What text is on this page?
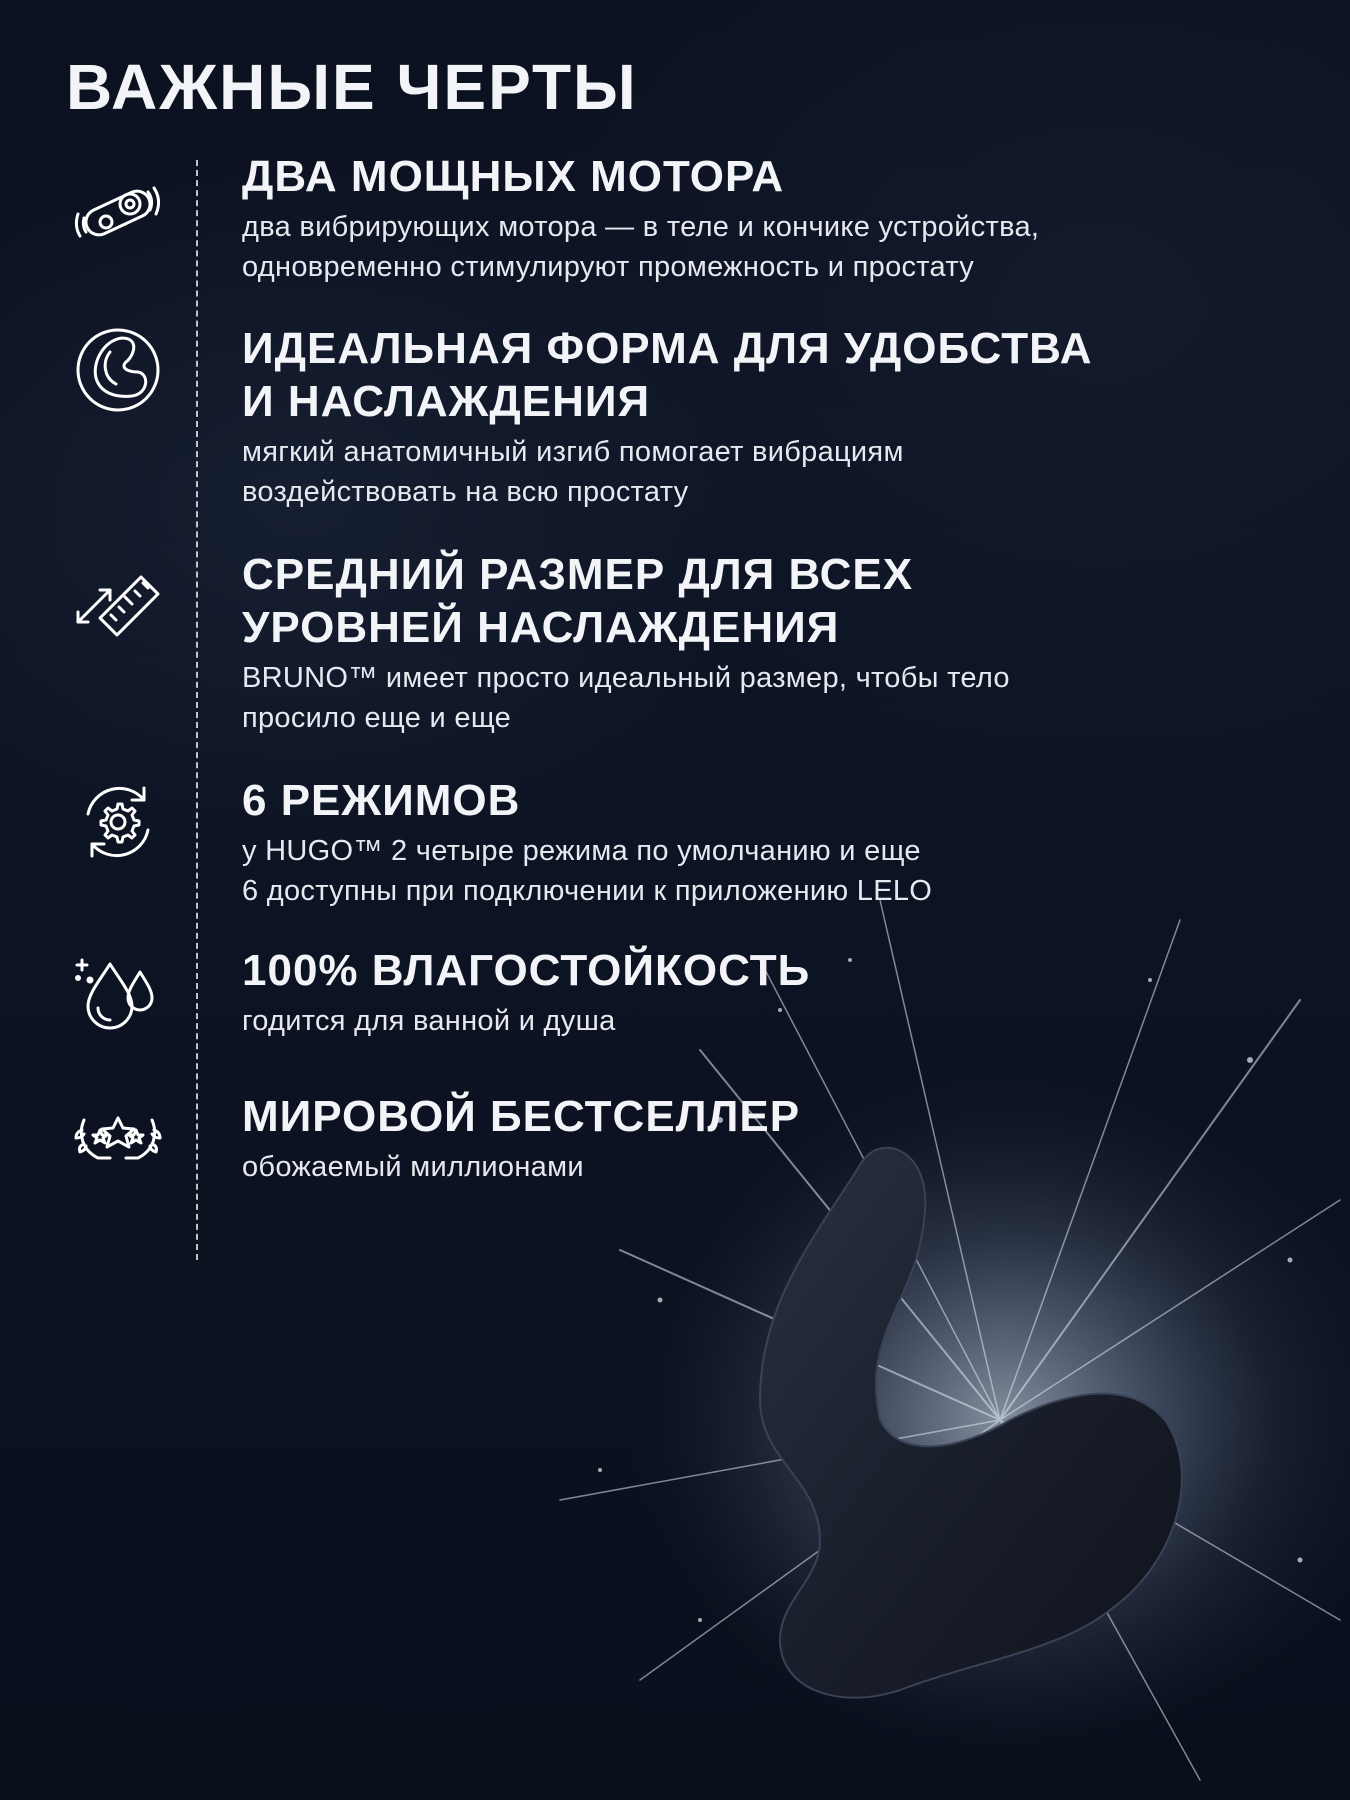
ВАЖНЫЕ ЧЕРТЫ
ДВА МОЩНЫХ МОТОРА

два вибрирующих мотора — в теле и кончике устройства,
одновременно стимулируют промежность и простату

ИДЕАЛЬНАЯ ФОРМА ДЛЯ УДОБСТВА
И НАСЛАЖДЕНИЯ

мягкий анатомичный изгиб помогает вибрациям
воздействовать на всю простату

СРЕДНИЙ РАЗМЕР ДЛЯ ВСЕХ
УРОВНЕЙ НАСЛАЖДЕНИЯ

BRUNO™ имеет просто идеальный размер, чтобы тело
просило еще и еще

6 РЕЖИМОВ

у HUGO™ 2 четыре режима по умолчанию и еще
6 доступны при подключении к приложению LELO

100% ВЛАГОСТОЙКОСТЬ

годится для ванной и душа

МИРОВОЙ БЕСТСЕЛЛЕР

обожаемый миллионами
